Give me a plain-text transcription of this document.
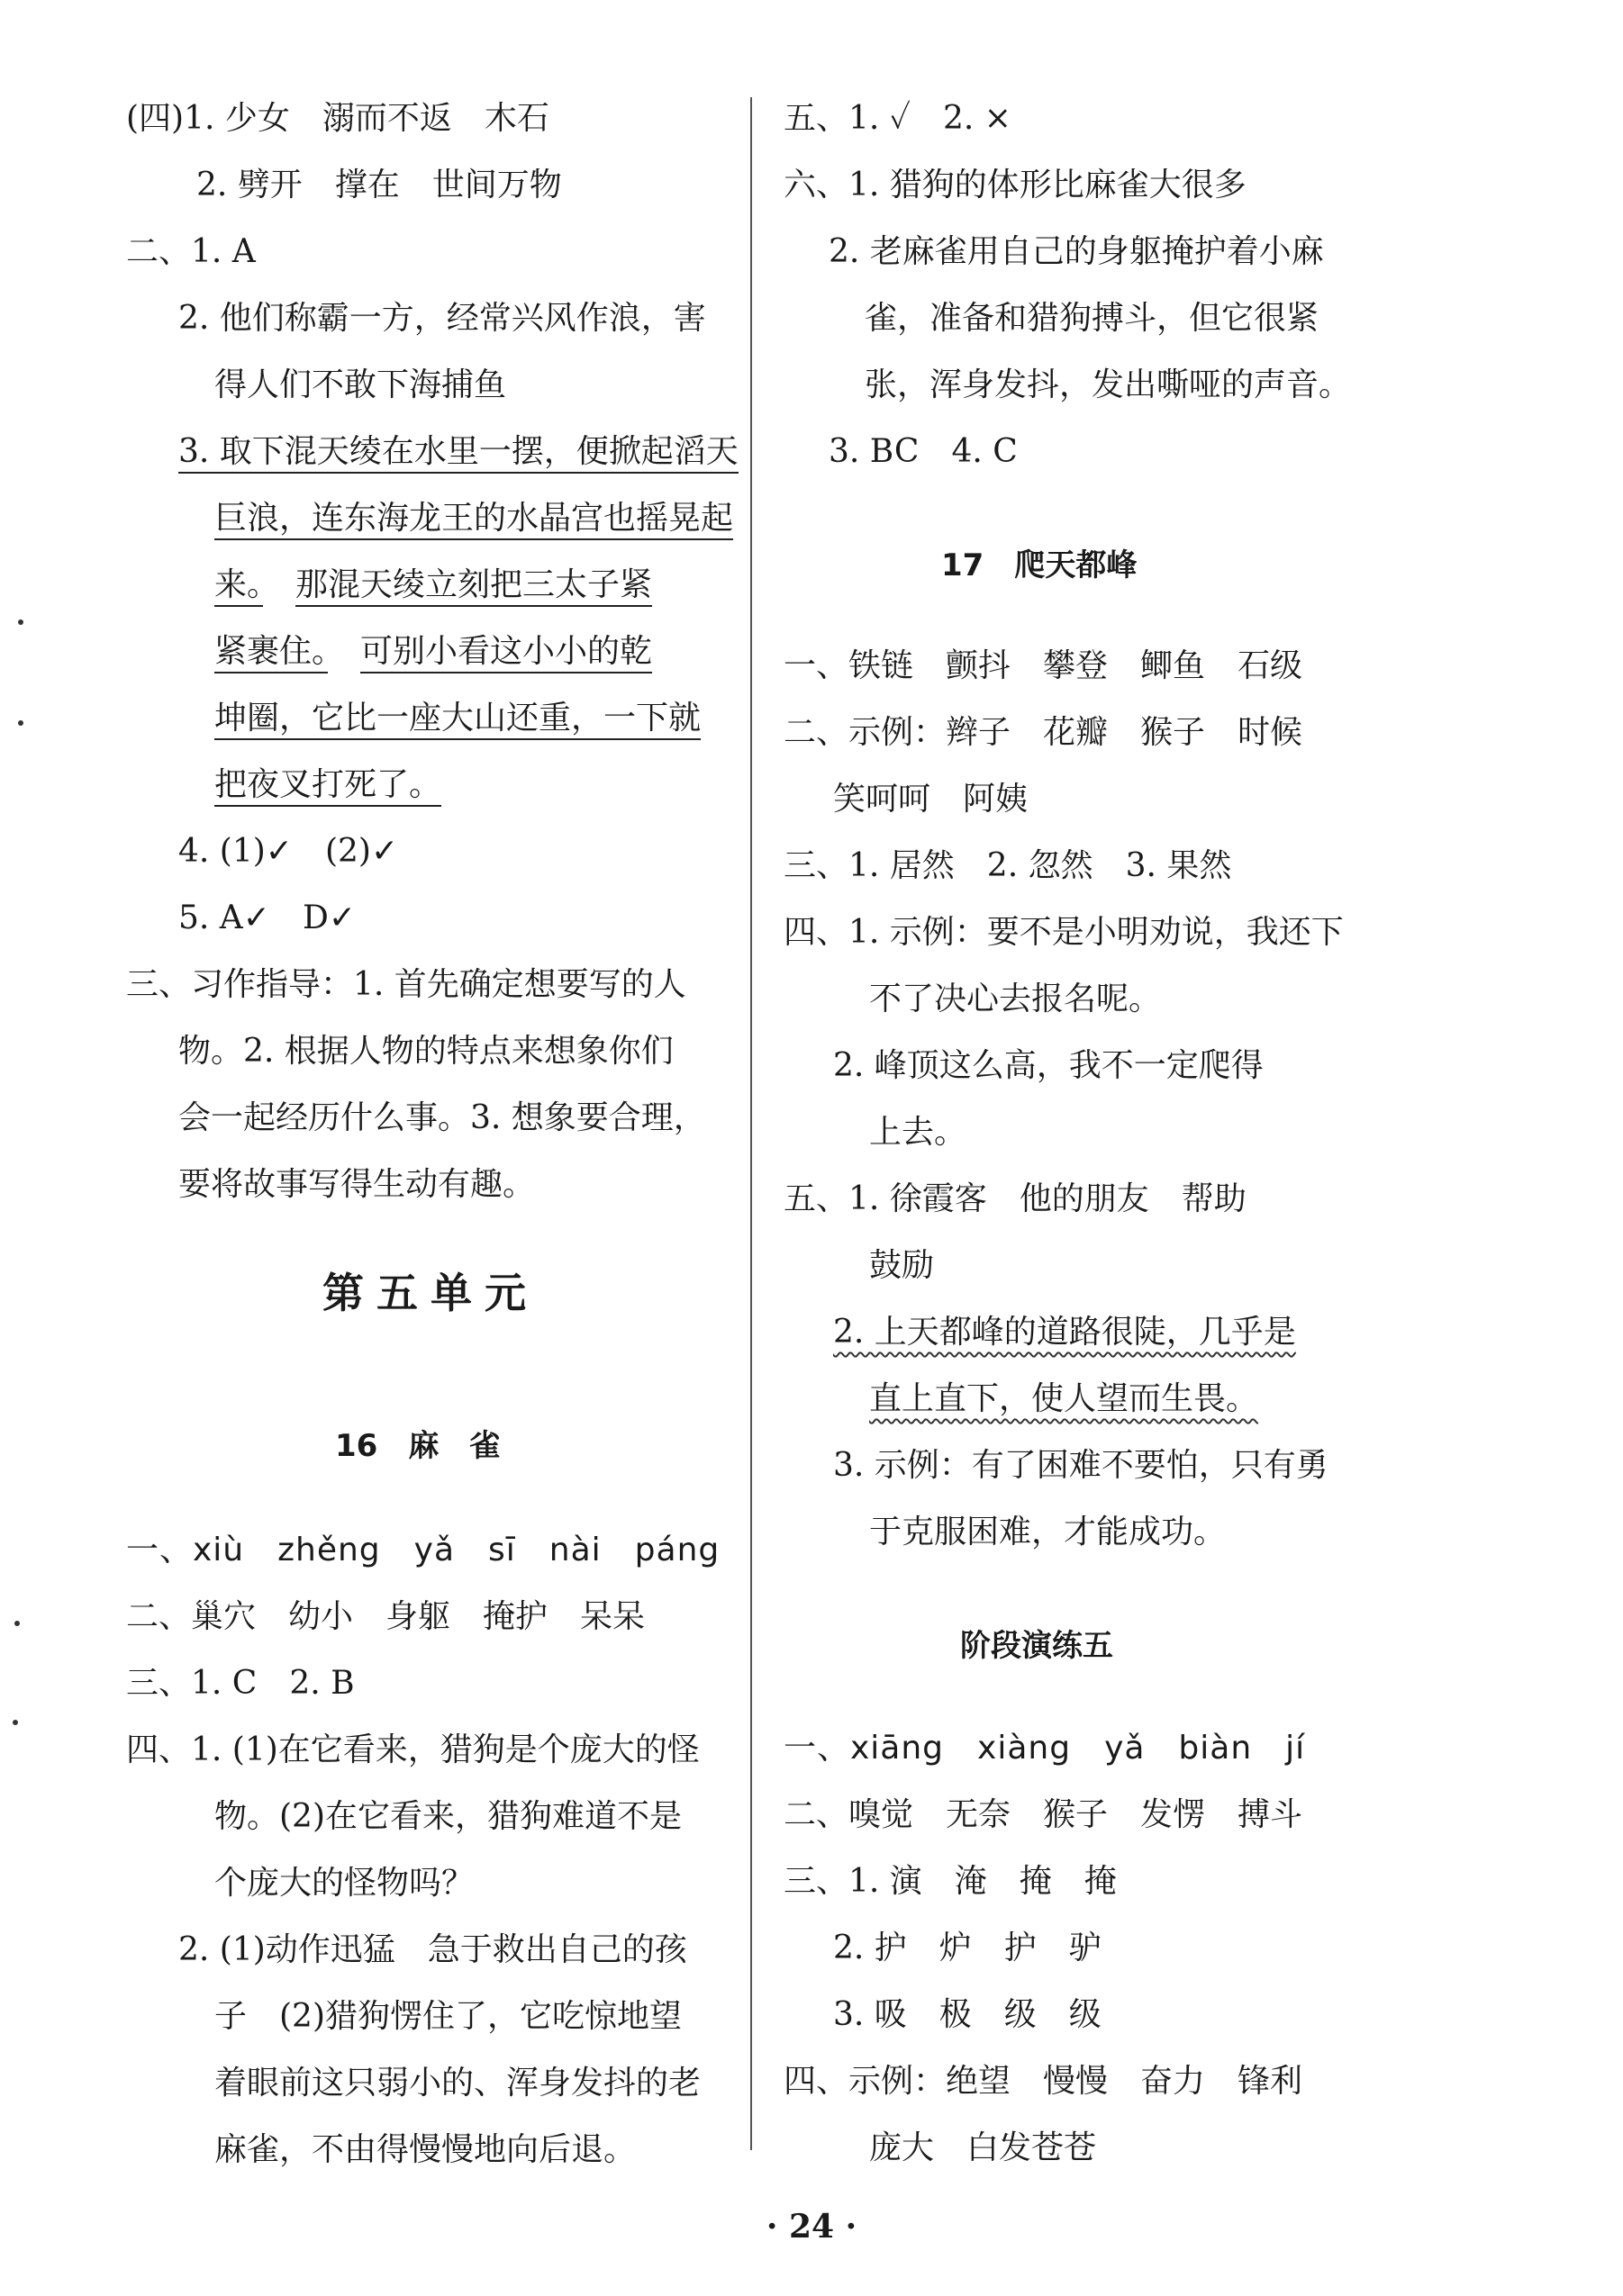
(四)1. 少女　溺而不返　木石
2. 劈开　撑在　世间万物
二、1. A
2. 他们称霸一方，经常兴风作浪，害
得人们不敢下海捕鱼
3. 取下混天绫在水里一摆，便掀起滔天
巨浪，连东海龙王的水晶宫也摇晃起
来。　 那混天绫立刻把三太子紧
紧裹住。　 可别小看这小小的乾
坤圈，它比一座大山还重，一下就
把夜叉打死了。
4. (1)✓　(2)✓
5. A✓　D✓
三、习作指导：1. 首先确定想要写的人
物。2. 根据人物的特点来想象你们
会一起经历什么事。3. 想象要合理，
要将故事写得生动有趣。
第五单元
16　麻　雀
一、xiù　zhěng　yǎ　sī　nài　páng
二、巢穴　幼小　身躯　掩护　呆呆
三、1. C　2. B
四、1. (1)在它看来，猎狗是个庞大的怪
物。(2)在它看来，猎狗难道不是
个庞大的怪物吗？
2. (1)动作迅猛　急于救出自己的孩
子　(2)猎狗愣住了，它吃惊地望
着眼前这只弱小的、浑身发抖的老
麻雀，不由得慢慢地向后退。
五、1. ✓　2. ×
六、1. 猎狗的体形比麻雀大很多
2. 老麻雀用自己的身躯掩护着小麻
雀，准备和猎狗搏斗，但它很紧
张，浑身发抖，发出嘶哑的声音。
3. BC　4. C
17　爬天都峰
一、铁链　颤抖　攀登　鲫鱼　石级
二、示例：辫子　花瓣　猴子　时候
笑呵呵　阿姨
三、1. 居然　2. 忽然　3. 果然
四、1. 示例：要不是小明劝说，我还下
不了决心去报名呢。
2. 峰顶这么高，我不一定爬得
上去。
五、1. 徐霞客　他的朋友　帮助
鼓励
2. 上天都峰的道路很陡，几乎是
直上直下，使人望而生畏。
3. 示例：有了困难不要怕，只有勇
于克服困难，才能成功。
阶段演练五
一、xiāng　xiàng　yǎ　biàn　jí
二、嗅觉　无奈　猴子　发愣　搏斗
三、1. 演　淹　掩　掩
2. 护　炉　护　驴
3. 吸　极　级　级
四、示例：绝望　慢慢　奋力　锋利
庞大　白发苍苍
· 24 ·
